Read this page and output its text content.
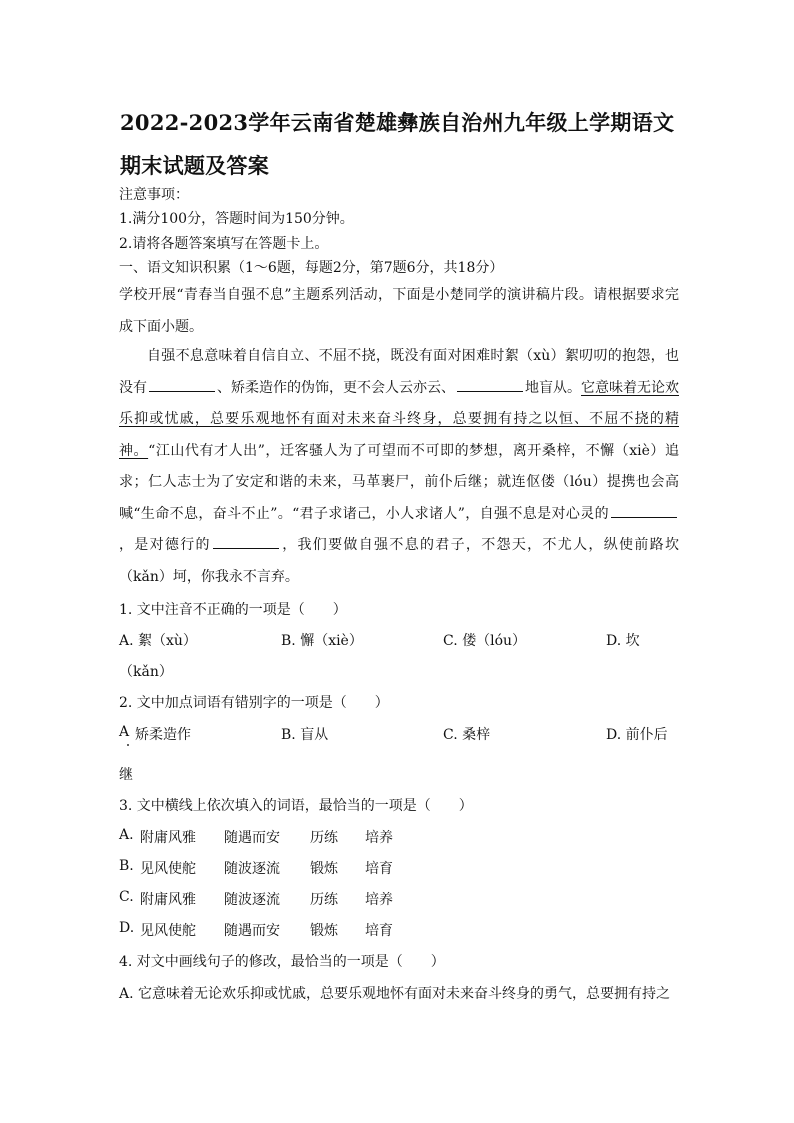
2022-2023学年云南省楚雄彝族自治州九年级上学期语文期末试题及答案
注意事项：
1.满分100分，答题时间为150分钟。
2.请将各题答案填写在答题卡上。
一、语文知识积累（1～6题，每题2分，第7题6分，共18分）
学校开展“青春当自强不息”主题系列活动，下面是小楚同学的演讲稿片段。请根据要求完成下面小题。
自强不息意味着自信自立、不屈不挠，既没有面对困难时絮（xù）絮叨叨的抱怨，也没有	、矫柔造作的伪饰，更不会人云亦云、	地盲从。它意味着无论欢乐抑或忧戚，总要乐观地怀有面对未来奋斗终身，总要拥有持之以恒、不屈不挠的精神。“江山代有才人出”，迁客骚人为了可望而不可即的梦想，离开桑梓，不懈（xiè）追求；仁人志士为了安定和谐的未来，马革裹尸，前仆后继；就连伛偻（lóu）提携也会高喊“生命不息，奋斗不止”。“君子求诸己，小人求诸人”，自强不息是对心灵的，是对德行的	，我们要做自强不息的君子，不怨天，不尤人，纵使前路坎（kǎn）坷，你我永不言弃。
1. 文中注音不正确的一项是（　　）
A. 絮（xù）	B. 懈（xiè）	C. 偻（lóu）	D. 坎
（kǎn）
2. 文中加点词语有错别字的一项是（　　）
A 矫柔造作	B. 盲从	C. 桑梓	D. 前仆后
继
3. 文中横线上依次填入的词语，最恰当的一项是（　　）
A. 附庸风雅 随遇而安 历练 培养
B. 见风使舵 随波逐流 锻炼 培育
C. 附庸风雅 随波逐流 历练 培养
D. 见风使舵 随遇而安 锻炼 培育
4. 对文中画线句子的修改，最恰当的一项是（　　）
A. 它意味着无论欢乐抑或忧戚，总要乐观地怀有面对未来奋斗终身的勇气，总要拥有持之
